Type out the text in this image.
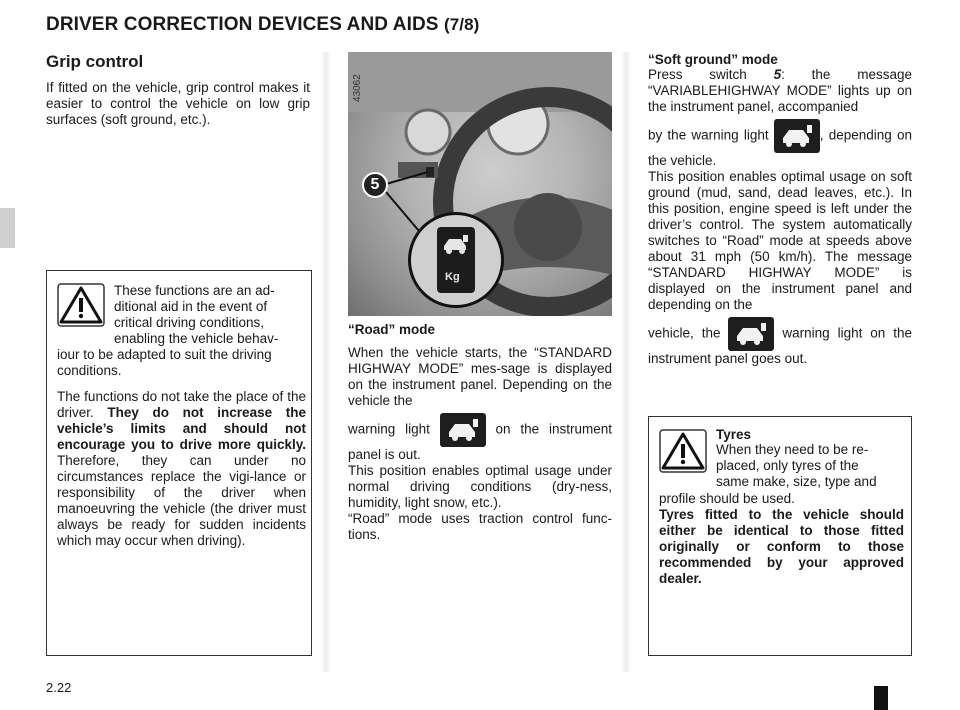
DRIVER CORRECTION DEVICES AND AIDS (7/8)
Grip control
If fitted on the vehicle, grip control makes it easier to control the vehicle on low grip surfaces (soft ground, etc.).
These functions are an ad-
ditional aid in the event of
critical driving conditions,
enabling the vehicle behav-
iour to be adapted to suit the driving
conditions.
The functions do not take the place of the driver. They do not increase the vehicle’s limits and should not encourage you to drive more quickly. Therefore, they can under no circumstances replace the vigi-lance or responsibility of the driver when manoeuvring the vehicle (the driver must always be ready for sudden incidents which may occur when driving).
5
Kg
43062
“Road” mode
When the vehicle starts, the “STANDARD HIGHWAY MODE” mes-sage is displayed on the instrument panel. Depending on the vehicle the
warning light	on the instrument panel is out.
This position enables optimal usage under normal driving conditions (dry-ness, humidity, light snow, etc.).
“Road” mode uses traction control func-tions.
“Soft ground” mode
Press switch 5: the message “VARIABLEHIGHWAY MODE” lights up on the instrument panel, accompanied
by the warning light	, depending on the vehicle.
This position enables optimal usage on soft ground (mud, sand, dead leaves, etc.). In this position, engine speed is left under the driver’s control. The system automatically switches to “Road” mode at speeds above about 31 mph (50 km/h). The message “STANDARD HIGHWAY MODE” is displayed on the instrument panel and depending on the
vehicle, the	warning light on the instrument panel goes out.
Tyres
When they need to be re-
placed, only tyres of the
same make, size, type and
profile should be used.
Tyres fitted to the vehicle should either be identical to those fitted originally or conform to those recommended by your approved dealer.
2.22
